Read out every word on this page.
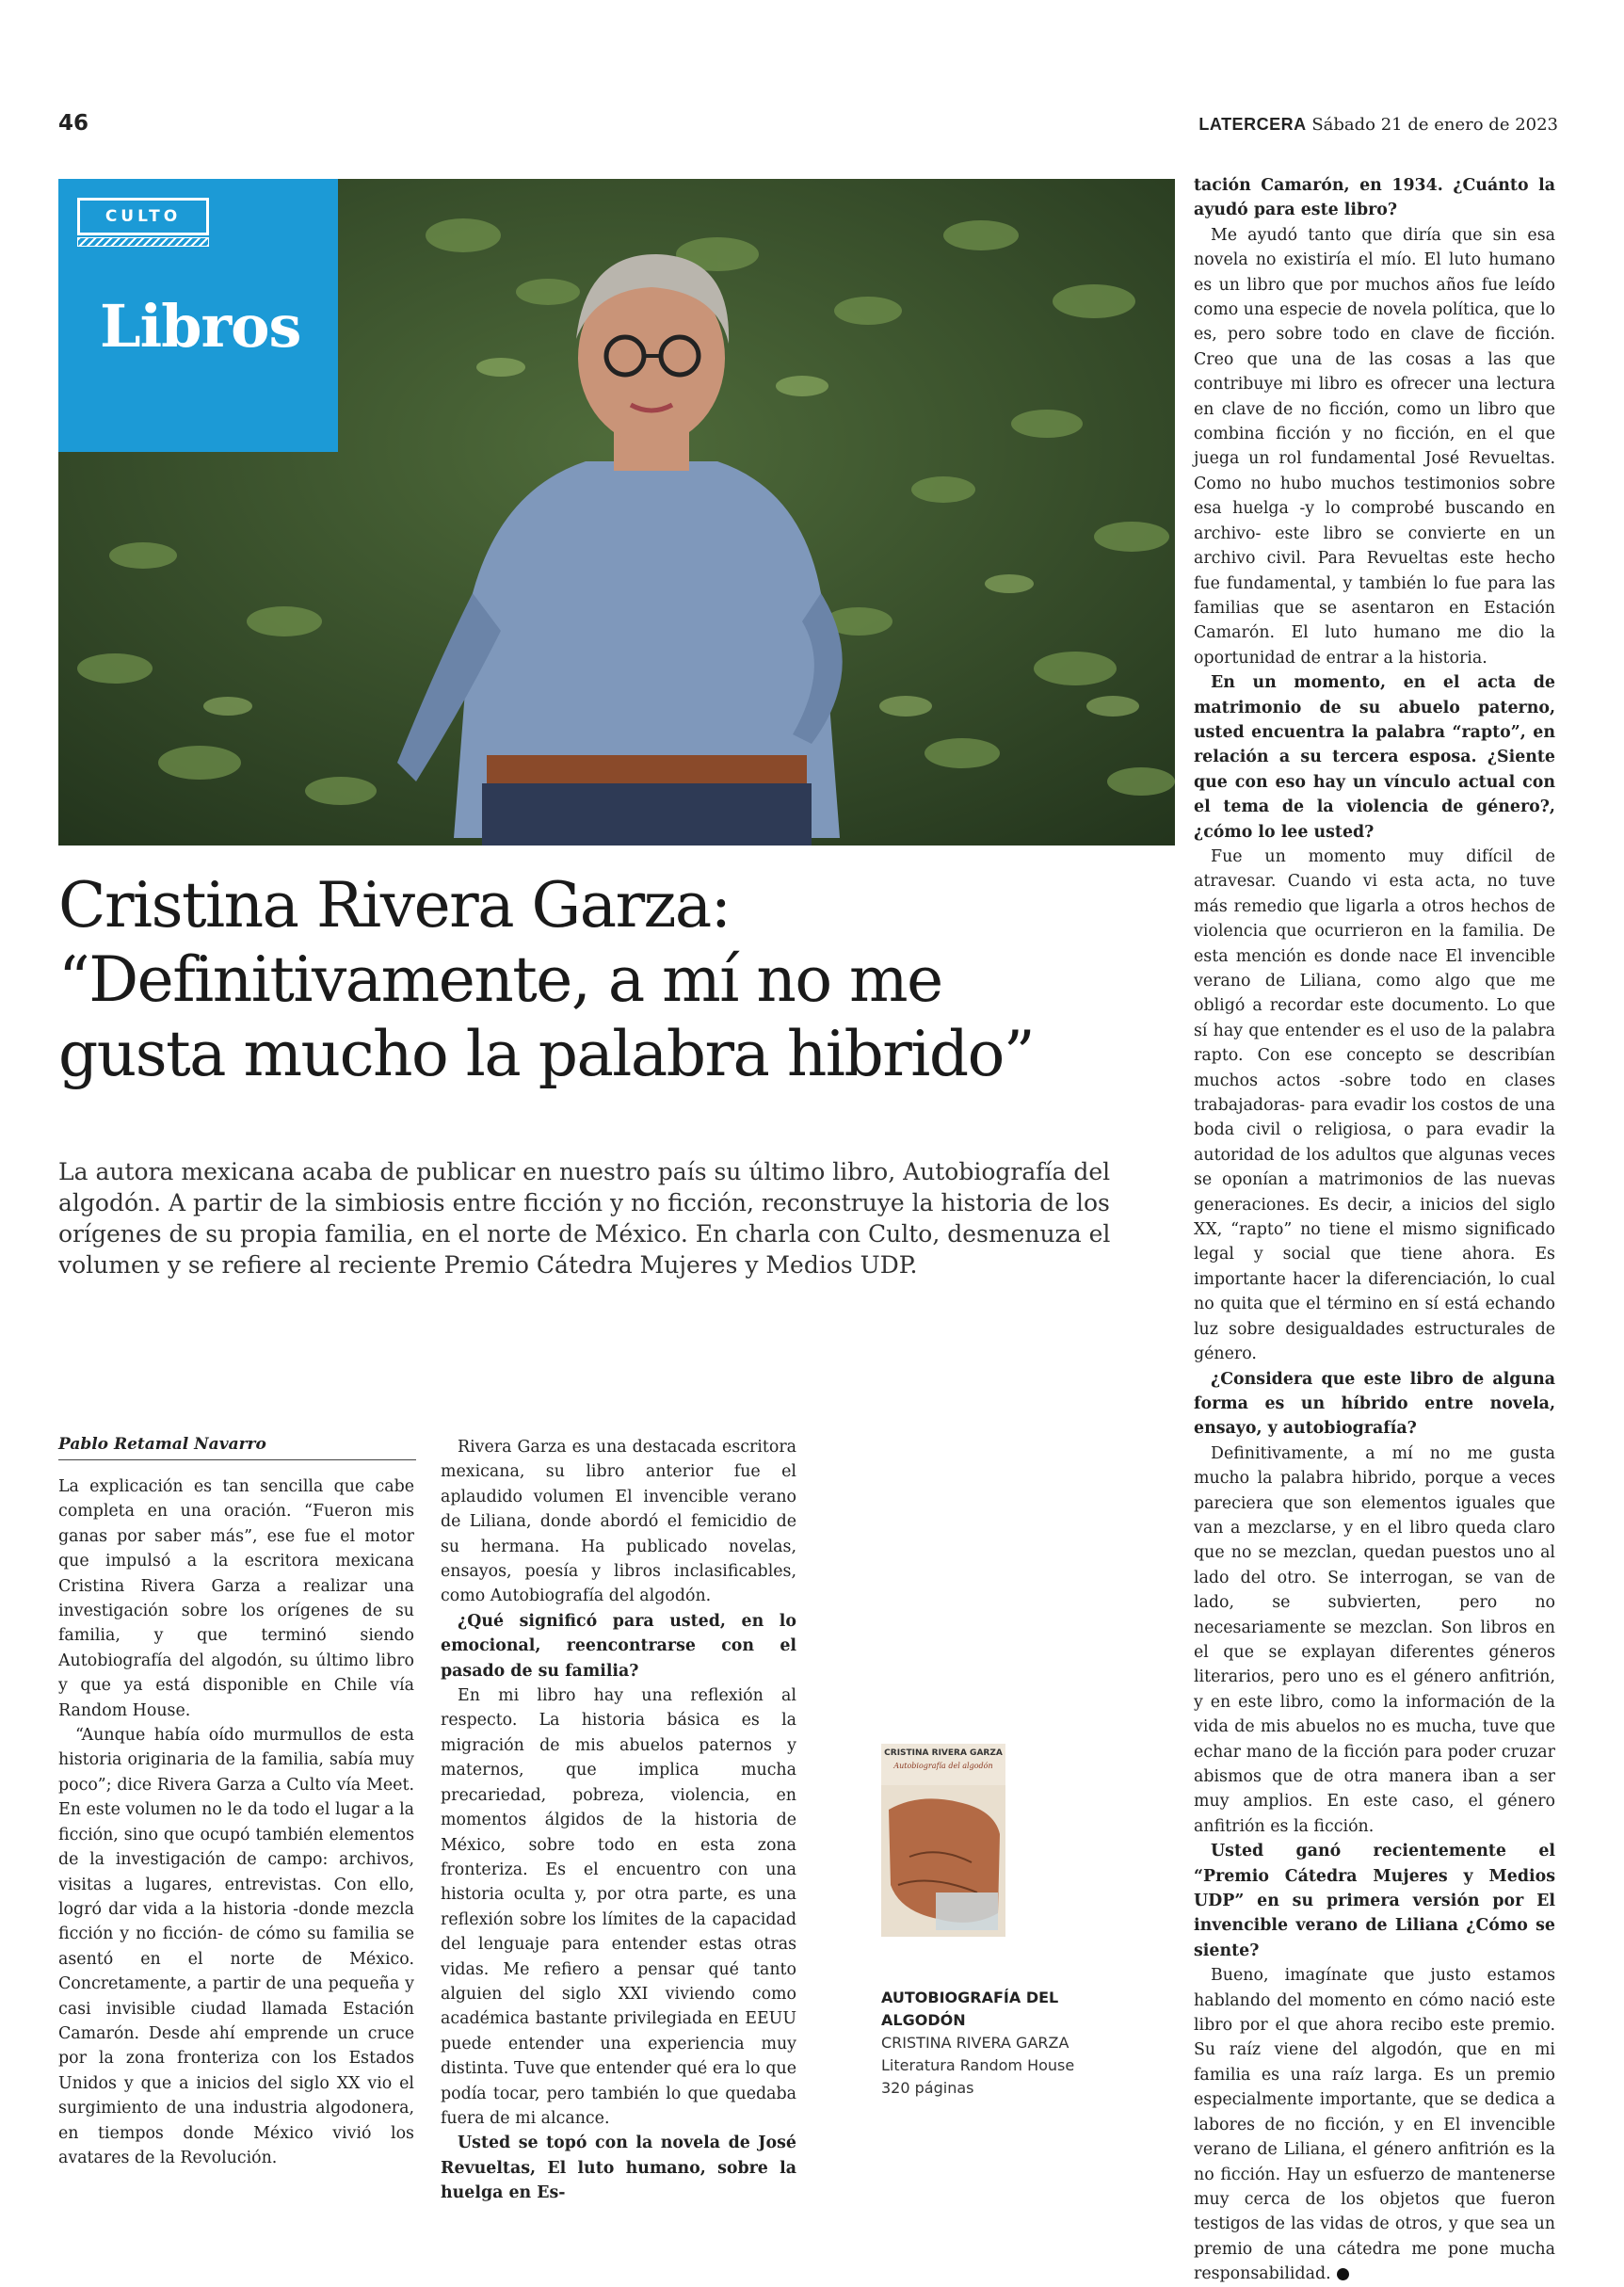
46	LATERCERA Sábado 21 de enero de 2023
CULTO
Libros
Cristina Rivera Garza:
“Definitivamente, a mí no me
gusta mucho la palabra hibrido”
La autora mexicana acaba de publicar en nuestro país su último libro, Autobiografía del algodón. A partir de la simbiosis entre ficción y no ficción, reconstruye la historia de los orígenes de su propia familia, en el norte de México. En charla con Culto, desmenuza el volumen y se refiere al reciente Premio Cátedra Mujeres y Medios UDP.
Pablo Retamal Navarro

La explicación es tan sencilla que cabe completa en una oración. “Fueron mis ganas por saber más”, ese fue el motor que impulsó a la escritora mexicana Cristina Rivera Garza a realizar una investigación sobre los orígenes de su familia, y que terminó siendo Autobiografía del algodón, su último libro y que ya está disponible en Chile vía Random House.

“Aunque había oído murmullos de esta historia originaria de la familia, sabía muy poco”; dice Rivera Garza a Culto vía Meet. En este volumen no le da todo el lugar a la ficción, sino que ocupó también elementos de la investigación de campo: archivos, visitas a lugares, entrevistas. Con ello, logró dar vida a la historia -donde mezcla ficción y no ficción- de cómo su familia se asentó en el norte de México. Concretamente, a partir de una pequeña y casi invisible ciudad llamada Estación Camarón. Desde ahí emprende un cruce por la zona fronteriza con los Estados Unidos y que a inicios del siglo XX vio el surgimiento de una industria algodonera, en tiempos donde México vivió los avatares de la Revolución.

Rivera Garza es una destacada escritora mexicana, su libro anterior fue el aplaudido volumen El invencible verano de Liliana, donde abordó el femicidio de su hermana. Ha publicado novelas, ensayos, poesía y libros inclasificables, como Autobiografía del algodón.

¿Qué significó para usted, en lo emocional, reencontrarse con el pasado de su familia?

En mi libro hay una reflexión al respecto. La historia básica es la migración de mis abuelos paternos y maternos, que implica mucha precariedad, pobreza, violencia, en momentos álgidos de la historia de México, sobre todo en esta zona fronteriza. Es el encuentro con una historia oculta y, por otra parte, es una reflexión sobre los límites de la capacidad del lenguaje para entender estas otras vidas. Me refiero a pensar qué tanto alguien del siglo XXI viviendo como académica bastante privilegiada en EEUU puede entender una experiencia muy distinta. Tuve que entender qué era lo que podía tocar, pero también lo que quedaba fuera de mi alcance.

Usted se topó con la novela de José Revueltas, El luto humano, sobre la huelga en Es-

CRISTINA RIVERA GARZA
Autobiografía del algodón
AUTOBIOGRAFÍA DEL ALGODÓN
CRISTINA RIVERA GARZA
Literatura Random House
320 páginas

tación Camarón, en 1934. ¿Cuánto la ayudó para este libro?

Me ayudó tanto que diría que sin esa novela no existiría el mío. El luto humano es un libro que por muchos años fue leído como una especie de novela política, que lo es, pero sobre todo en clave de ficción. Creo que una de las cosas a las que contribuye mi libro es ofrecer una lectura en clave de no ficción, como un libro que combina ficción y no ficción, en el que juega un rol fundamental José Revueltas. Como no hubo muchos testimonios sobre esa huelga -y lo comprobé buscando en archivo- este libro se convierte en un archivo civil. Para Revueltas este hecho fue fundamental, y también lo fue para las familias que se asentaron en Estación Camarón. El luto humano me dio la oportunidad de entrar a la historia.

En un momento, en el acta de matrimonio de su abuelo paterno, usted encuentra la palabra “rapto”, en relación a su tercera esposa. ¿Siente que con eso hay un vínculo actual con el tema de la violencia de género?, ¿cómo lo lee usted?

Fue un momento muy difícil de atravesar. Cuando vi esta acta, no tuve más remedio que ligarla a otros hechos de violencia que ocurrieron en la familia. De esta mención es donde nace El invencible verano de Liliana, como algo que me obligó a recordar este documento. Lo que sí hay que entender es el uso de la palabra rapto. Con ese concepto se describían muchos actos -sobre todo en clases trabajadoras- para evadir los costos de una boda civil o religiosa, o para evadir la autoridad de los adultos que algunas veces se oponían a matrimonios de las nuevas generaciones. Es decir, a inicios del siglo XX, “rapto” no tiene el mismo significado legal y social que tiene ahora. Es importante hacer la diferenciación, lo cual no quita que el término en sí está echando luz sobre desigualdades estructurales de género.

¿Considera que este libro de alguna forma es un híbrido entre novela, ensayo, y autobiografía?

Definitivamente, a mí no me gusta mucho la palabra hibrido, porque a veces pareciera que son elementos iguales que van a mezclarse, y en el libro queda claro que no se mezclan, quedan puestos uno al lado del otro. Se interrogan, se van de lado, se subvierten, pero no necesariamente se mezclan. Son libros en el que se explayan diferentes géneros literarios, pero uno es el género anfitrión, y en este libro, como la información de la vida de mis abuelos no es mucha, tuve que echar mano de la ficción para poder cruzar abismos que de otra manera iban a ser muy amplios. En este caso, el género anfitrión es la ficción.

Usted ganó recientemente el “Premio Cátedra Mujeres y Medios UDP” en su primera versión por El invencible verano de Liliana ¿Cómo se siente?

Bueno, imagínate que justo estamos hablando del momento en cómo nació este libro por el que ahora recibo este premio. Su raíz viene del algodón, que en mi familia es una raíz larga. Es un premio especialmente importante, que se dedica a labores de no ficción, y en El invencible verano de Liliana, el género anfitrión es la no ficción. Hay un esfuerzo de mantenerse muy cerca de los objetos que fueron testigos de las vidas de otros, y que sea un premio de una cátedra me pone mucha responsabilidad.
